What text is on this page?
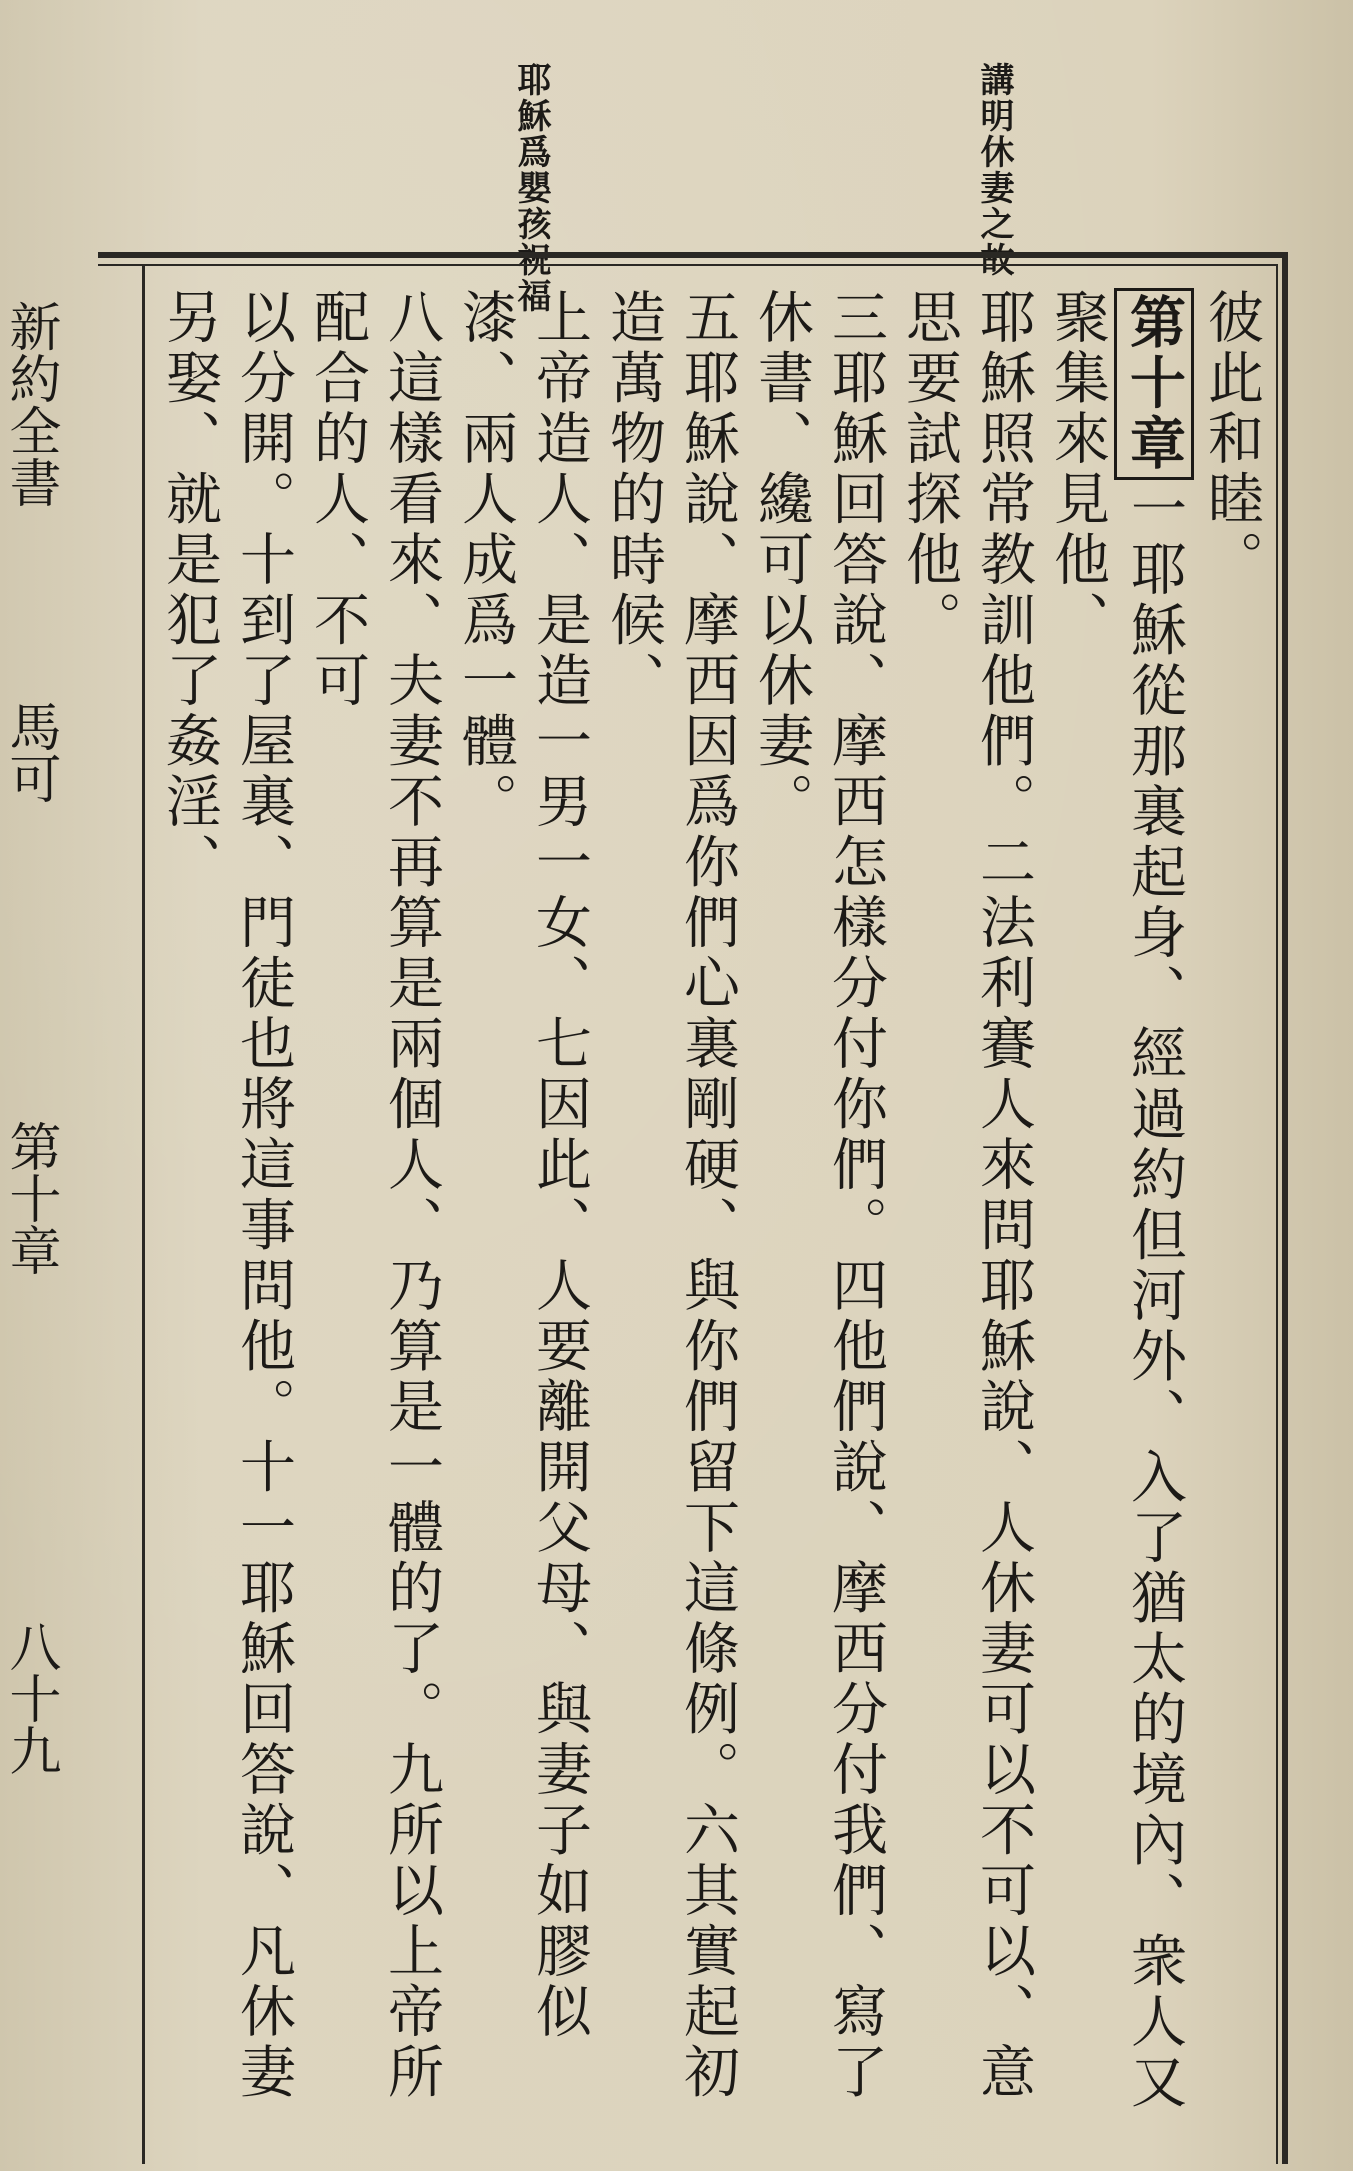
講明休妻之故
耶穌爲嬰孩祝福
彼此和睦。
第十章一耶穌從那裏起身、經過約但河外、入了猶太的境內、衆人又聚集來見他、
耶穌照常教訓他們。二法利賽人來問耶穌說、人休妻可以不可以、意思要試探他。
三耶穌回答說、摩西怎樣分付你們。四他們說、摩西分付我們、寫了休書、纔可以休妻。
五耶穌說、摩西因爲你們心裏剛硬、與你們留下這條例。六其實起初造萬物的時候、
上帝造人、是造一男一女、七因此、人要離開父母、與妻子如膠似漆、兩人成爲一體。
八這樣看來、夫妻不再算是兩個人、乃算是一體的了。九所以上帝所配合的人、不可
以分開。十到了屋裏、門徒也將這事問他。十一耶穌回答說、凡休妻另娶、就是犯了姦淫、
新約全書
馬可
第十章
八十九
